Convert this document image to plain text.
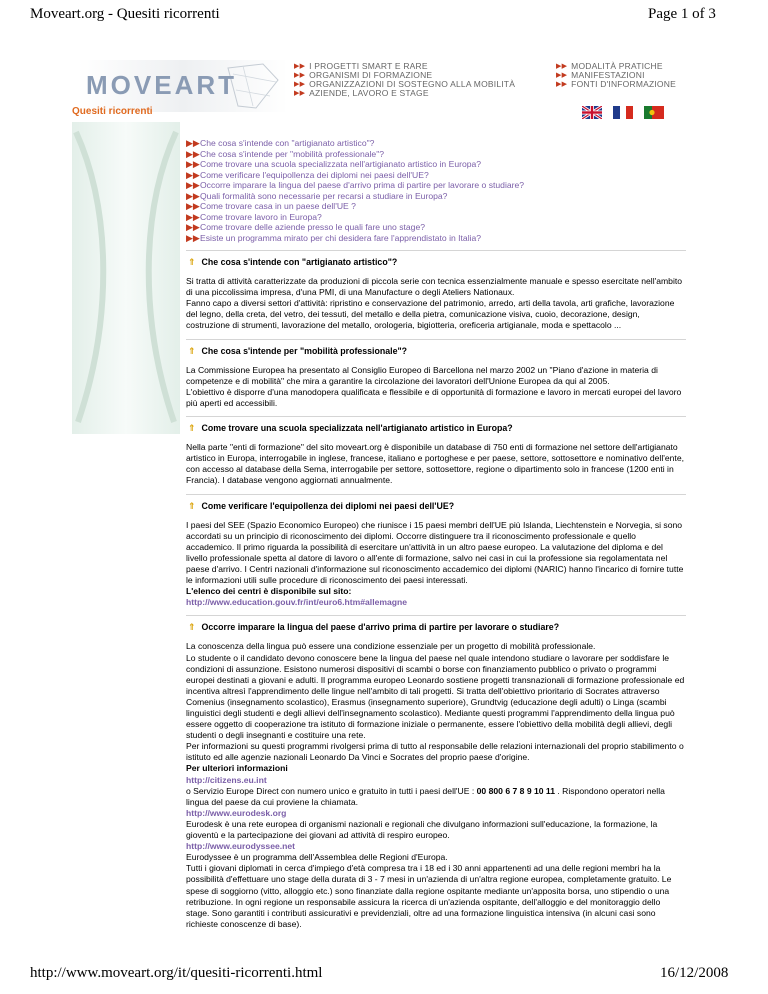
Moveart.org - Quesiti ricorrenti	Page 1 of 3
MOVEART
▶▶ I PROGETTI SMART E RARE
▶▶ ORGANISMI DI FORMAZIONE
▶▶ ORGANIZZAZIONI DI SOSTEGNO ALLA MOBILITÀ
▶▶ AZIENDE, LAVORO E STAGE
▶▶ MODALITÀ PRATICHE
▶▶ MANIFESTAZIONI
▶▶ FONTI D'INFORMAZIONE
Quesiti ricorrenti
▶▶ Che cosa s'intende con "artigianato artistico"?
▶▶ Che cosa s'intende per "mobilità professionale"?
▶▶ Come trovare una scuola specializzata nell'artigianato artistico in Europa?
▶▶ Come verificare l'equipollenza dei diplomi nei paesi dell'UE?
▶▶ Occorre imparare la lingua del paese d'arrivo prima di partire per lavorare o studiare?
▶▶ Quali formalità sono necessarie per recarsi a studiare in Europa?
▶▶ Come trovare casa in un paese dell'UE ?
▶▶ Come trovare lavoro in Europa?
▶▶ Come trovare delle aziende presso le quali fare uno stage?
▶▶ Esiste un programma mirato per chi desidera fare l'apprendistato in Italia?
⇑ Che cosa s'intende con "artigianato artistico"?

Si tratta di attività caratterizzate da produzioni di piccola serie con tecnica essenzialmente manuale e spesso esercitate nell'ambito di una piccolissima impresa, d'una PMI, di una Manufacture o degli Ateliers Nationaux.

Fanno capo a diversi settori d'attività: ripristino e conservazione del patrimonio, arredo, arti della tavola, arti grafiche, lavorazione del legno, della creta, del vetro, dei tessuti, del metallo e della pietra, comunicazione visiva, cuoio, decorazione, design, costruzione di strumenti, lavorazione del metallo, orologeria, bigiotteria, oreficeria artigianale, moda e spettacolo ...

⇑ Che cosa s'intende per "mobilità professionale"?

La Commissione Europea ha presentato al Consiglio Europeo di Barcellona nel marzo 2002 un "Piano d'azione in materia di competenze e di mobilità" che mira a garantire la circolazione dei lavoratori dell'Unione Europea da qui al 2005.

L'obiettivo è disporre d'una manodopera qualificata e flessibile e di opportunità di formazione e lavoro in mercati europei del lavoro più aperti ed accessibili.

⇑ Come trovare una scuola specializzata nell'artigianato artistico in Europa?

Nella parte "enti di formazione" del sito moveart.org è disponibile un database di 750 enti di formazione nel settore dell'artigianato artistico in Europa, interrogabile in inglese, francese, italiano e portoghese e per paese, settore, sottosettore e nominativo dell'ente, con accesso al database della Sema, interrogabile per settore, sottosettore, regione o dipartimento solo in francese (1200 enti in Francia). I database vengono aggiornati annualmente.

⇑ Come verificare l'equipollenza dei diplomi nei paesi dell'UE?

I paesi del SEE (Spazio Economico Europeo) che riunisce i 15 paesi membri dell'UE più Islanda, Liechtenstein e Norvegia, si sono accordati su un principio di riconoscimento dei diplomi. Occorre distinguere tra il riconoscimento professionale e quello accademico. Il primo riguarda la possibilità di esercitare un'attività in un altro paese europeo. La valutazione del diploma e del livello professionale spetta al datore di lavoro o all'ente di formazione, salvo nei casi in cui la professione sia regolamentata nel paese d'arrivo. I Centri nazionali d'informazione sul riconoscimento accademico dei diplomi (NARIC) hanno l'incarico di fornire tutte le informazioni utili sulle procedure di riconoscimento dei paesi interessati.

L'elenco dei centri è disponibile sul sito:

http://www.education.gouv.fr/int/euro6.htm#allemagne

⇑ Occorre imparare la lingua del paese d'arrivo prima di partire per lavorare o studiare?

La conoscenza della lingua può essere una condizione essenziale per un progetto di mobilità professionale.

Lo studente o il candidato devono conoscere bene la lingua del paese nel quale intendono studiare o lavorare per soddisfare le condizioni di assunzione. Esistono numerosi dispositivi di scambi o borse con finanziamento pubblico o privato o programmi europei destinati a giovani e adulti. Il programma europeo Leonardo sostiene progetti transnazionali di formazione professionale ed incentiva altresì l'apprendimento delle lingue nell'ambito di tali progetti. Si tratta dell'obiettivo prioritario di Socrates attraverso Comenius (insegnamento scolastico), Erasmus (insegnamento superiore), Grundtvig (educazione degli adulti) o Linga (scambi linguistici degli studenti e degli allievi dell'insegnamento scolastico). Mediante questi programmi l'apprendimento della lingua può essere oggetto di cooperazione tra istituto di formazione iniziale o permanente, essere l'obiettivo della mobilità degli allievi, degli studenti o degli insegnanti e costituire una rete.

Per informazioni su questi programmi rivolgersi prima di tutto al responsabile delle relazioni internazionali del proprio stabilimento o istituto ed alle agenzie nazionali Leonardo Da Vinci e Socrates del proprio paese d'origine.

Per ulteriori informazioni

http://citizens.eu.int

o Servizio Europe Direct con numero unico e gratuito in tutti i paesi dell'UE : 00 800 6 7 8 9 10 11 . Rispondono operatori nella lingua del paese da cui proviene la chiamata.

http://www.eurodesk.org

Eurodesk è una rete europea di organismi nazionali e regionali che divulgano informazioni sull'educazione, la formazione, la gioventù e la partecipazione dei giovani ad attività di respiro europeo.

http://www.eurodyssee.net

Eurodyssee è un programma dell'Assemblea delle Regioni d'Europa.

Tutti i giovani diplomati in cerca d'impiego d'età compresa tra i 18 ed i 30 anni appartenenti ad una delle regioni membri ha la possibilità d'effettuare uno stage della durata di 3 - 7 mesi in un'azienda di un'altra regione europea, completamente gratuito. Le spese di soggiorno (vitto, alloggio etc.) sono finanziate dalla regione ospitante mediante un'apposita borsa, uno stipendio o una retribuzione. In ogni regione un responsabile assicura la ricerca di un'azienda ospitante, dell'alloggio e del monitoraggio dello stage. Sono garantiti i contributi assicurativi e previdenziali, oltre ad una formazione linguistica intensiva (in alcuni casi sono richieste conoscenze di base).

http://www.moveart.org/it/quesiti-ricorrenti.html	16/12/2008
